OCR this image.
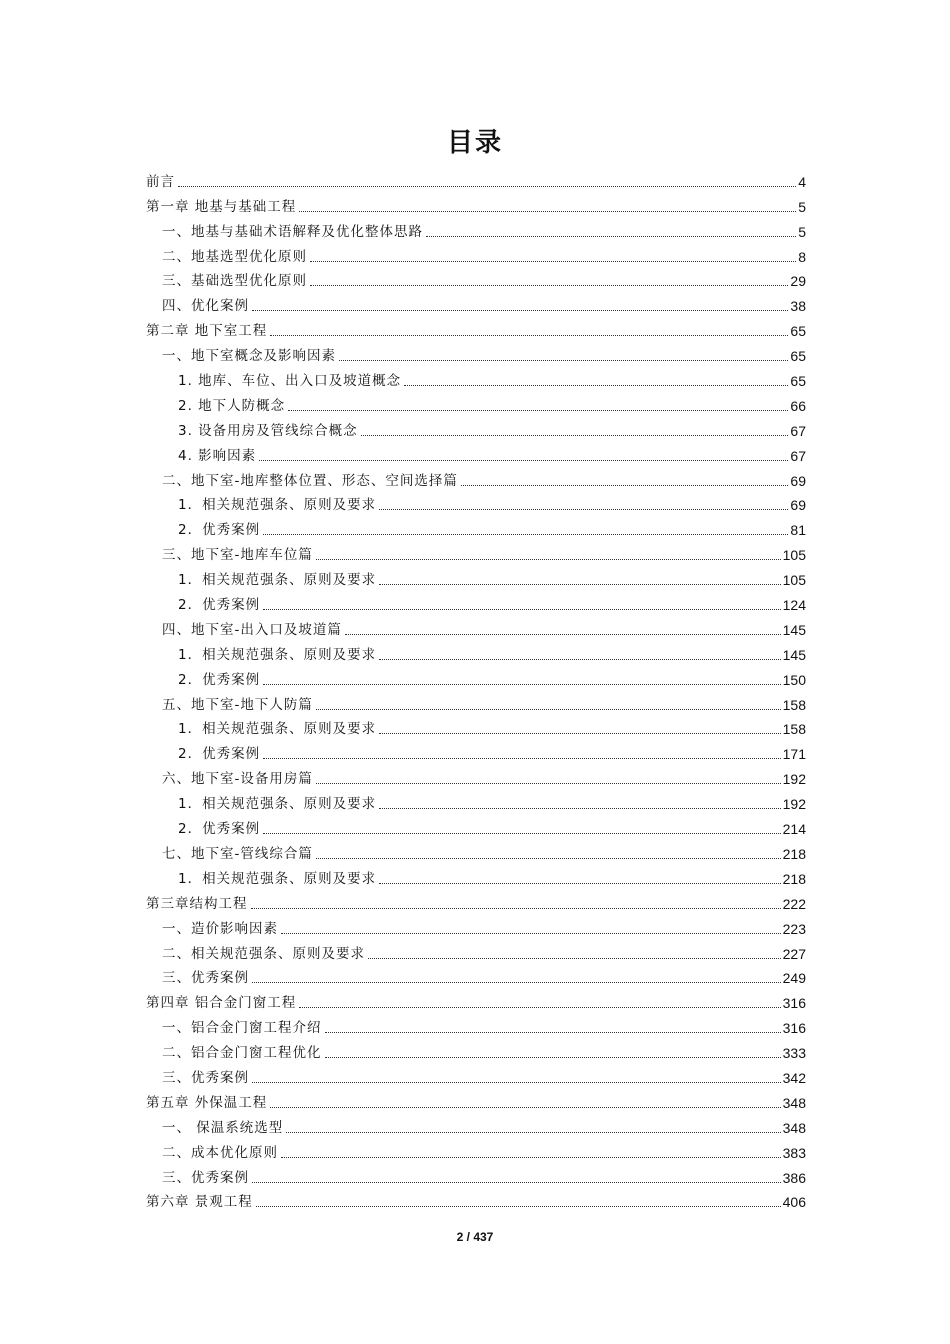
目录
前言	4
第一章 地基与基础工程	5
一、地基与基础术语解释及优化整体思路	5
二、地基选型优化原则	8
三、基础选型优化原则	29
四、优化案例	38
第二章 地下室工程	65
一、地下室概念及影响因素	65
1. 地库、车位、出入口及坡道概念	65
2. 地下人防概念	66
3. 设备用房及管线综合概念	67
4. 影响因素	67
二、地下室-地库整体位置、形态、空间选择篇	69
1．相关规范强条、原则及要求	69
2．优秀案例	81
三、地下室-地库车位篇	105
1．相关规范强条、原则及要求	105
2．优秀案例	124
四、地下室-出入口及坡道篇	145
1．相关规范强条、原则及要求	145
2．优秀案例	150
五、地下室-地下人防篇	158
1．相关规范强条、原则及要求	158
2．优秀案例	171
六、地下室-设备用房篇	192
1．相关规范强条、原则及要求	192
2．优秀案例	214
七、地下室-管线综合篇	218
1．相关规范强条、原则及要求	218
第三章结构工程	222
一、造价影响因素	223
二、相关规范强条、原则及要求	227
三、优秀案例	249
第四章 铝合金门窗工程	316
一、铝合金门窗工程介绍	316
二、铝合金门窗工程优化	333
三、优秀案例	342
第五章 外保温工程	348
一、 保温系统选型	348
二、成本优化原则	383
三、优秀案例	386
第六章 景观工程	406
2 / 437
